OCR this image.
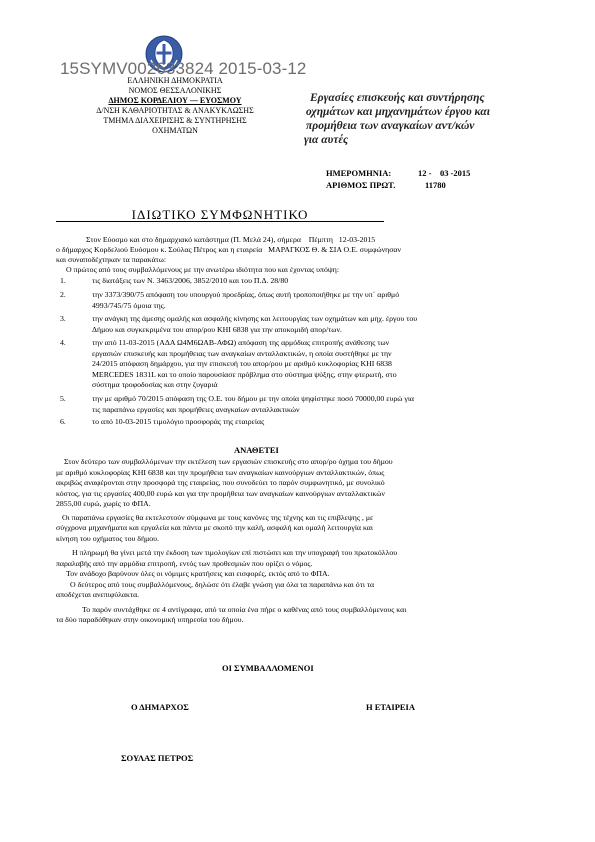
15SYMV002633824 2015-03-12
ΕΛΛΗΝΙΚΗ ΔΗΜΟΚΡΑΤΙΑ
ΝΟΜΟΣ ΘΕΣΣΑΛΟΝΙΚΗΣ
ΔΗΜΟΣ ΚΟΡΔΕΛΙΟΥ — ΕΥΟΣΜΟΥ
Δ/ΝΣΗ ΚΑΘΑΡΙΟΤΗΤΑΣ & ΑΝΑΚΥΚΛΩΣΗΣ
ΤΜΗΜΑ ΔΙΑΧΕΙΡΙΣΗΣ & ΣΥΝΤΗΡΗΣΗΣ
ΟΧΗΜΑΤΩΝ
Εργασίες επισκευής και συντήρησης
οχημάτων και μηχανημάτων έργου και
προμήθεια των αναγκαίων αντ/κών
για αυτές
ΗΜΕΡΟΜΗΝΙΑ:	12 -    03 -2015
ΑΡΙΘΜΟΣ ΠΡΩΤ.	11780
ΙΔΙΩΤΙΚΟ ΣΥΜΦΩΝΗΤΙΚΟ
Στον Εύοσμο και στο δημαρχιακό κατάστημα (Π. Μελά 24), σήμερα    Πέμπτη   12-03-2015
ο δήμαρχος Κορδελιού Ευόσμου κ. Σούλας Πέτρος και η εταιρεία   ΜΑΡΑΓΚΟΣ Θ. & ΣΙΑ Ο.Ε. συμφώνησαν
και συναποδέχτηκαν τα παρακάτω:
Ο πρώτος από τους συμβαλλόμενους με την ανωτέρω ιδιότητα που και έχοντας υπόψη:
1.	τις διατάξεις των Ν. 3463/2006, 3852/2010 και του Π.Δ. 28/80
2.	την 3373/390/75 απόφαση του υπουργού προεδρίας, όπως αυτή τροποποιήθηκε με την υπ΄ αριθμό
4993/745/75 όμοια της.
3.	την ανάγκη της άμεσης ομαλής και ασφαλής κίνησης και λειτουργίας των οχημάτων και μηχ. έργου του
Δήμου και συγκεκριμένα του απορ/ρου ΚΗΙ 6838 για την αποκομιδή απορ/των.
4.	την από 11-03-2015 (ΑΔΑ Ω4Μ6ΩΑΒ-ΑΦΩ) απόφαση της αρμόδιας επιτροπής ανάθεσης των
εργασιών επισκευής και προμήθειας των αναγκαίων ανταλλακτικών, η οποία συστήθηκε με την
24/2015 απόφαση δημάρχου, για την επισκευή του απορ/ρου με αριθμό κυκλοφορίας ΚΗΙ 6838
MERCEDES 1831L και το οποίο παρουσίασε πρόβλημα στο σύστημα ψύξης, στην φτερωτή, στο
σύστημα τροφοδοσίας και στην ζυγαριά
5.	την με αριθμό 70/2015 απόφαση της Ο.Ε. του δήμου με την οποία ψηφίστηκε ποσό 70000,00 ευρώ για
τις παραπάνω εργασίες και προμήθειες αναγκαίων ανταλλακτικών
6.	το από 10-03-2015 τιμολόγιο προσφοράς της εταιρείας
ΑΝΑΘΕΤΕΙ
Στον δεύτερο των συμβαλλόμενων την εκτέλεση των εργασιών επισκευής στο απορ/ρο όχημα του δήμου
με αριθμό κυκλοφορίας ΚΗΙ 6838 και την προμήθεια των αναγκαίων καινούργιων ανταλλακτικών, όπως
ακριβώς αναφέρονται στην προσφορά της εταιρείας, που συνοδεύει το παρόν συμφωνητικό, με συνολικό
κόστος, για τις εργασίες 400,00 ευρώ και για την προμήθεια των αναγκαίων καινούργιων ανταλλακτικών
2855,00 ευρώ, χωρίς το ΦΠΑ.
Οι παραπάνω εργασίες θα εκτελεστούν σύμφωνα με τους κανόνες της τέχνης και τις επιβλεψης , με
σύγχρονα μηχανήματα και εργαλεία και πάντα με σκοπό την καλή, ασφαλή και ομαλή λειτουργία και
κίνηση του οχήματος του δήμου.
Η πληρωμή θα γίνει μετά την έκδοση των τιμολογίων επί πιστώσει και την υπογραφή του πρωτοκόλλου
παραλαβής από την αρμόδια επιτροπή, εντός των προθεσμιών που ορίζει ο νόμος.
Τον ανάδοχο βαρύνουν όλες οι νόμιμες κρατήσεις και εισφορές, εκτός από το ΦΠΑ.
Ο δεύτερος από τους συμβαλλόμενους, δηλώσε ότι έλαβε γνώση για όλα τα παραπάνω και ότι τα
αποδέχεται ανεπιφύλακτα.
Το παρόν συντάχθηκε σε 4 αντίγραφα, από τα οποία ένα πήρε ο καθένας από τους συμβαλλόμενους και
τα δύο παραδόθηκαν στην οικονομική υπηρεσία του δήμου.
ΟΙ ΣΥΜΒΑΛΛΟΜΕΝΟΙ
Ο ΔΗΜΑΡΧΟΣ	Η ΕΤΑΙΡΕΙΑ
ΣΟΥΛΑΣ ΠΕΤΡΟΣ
